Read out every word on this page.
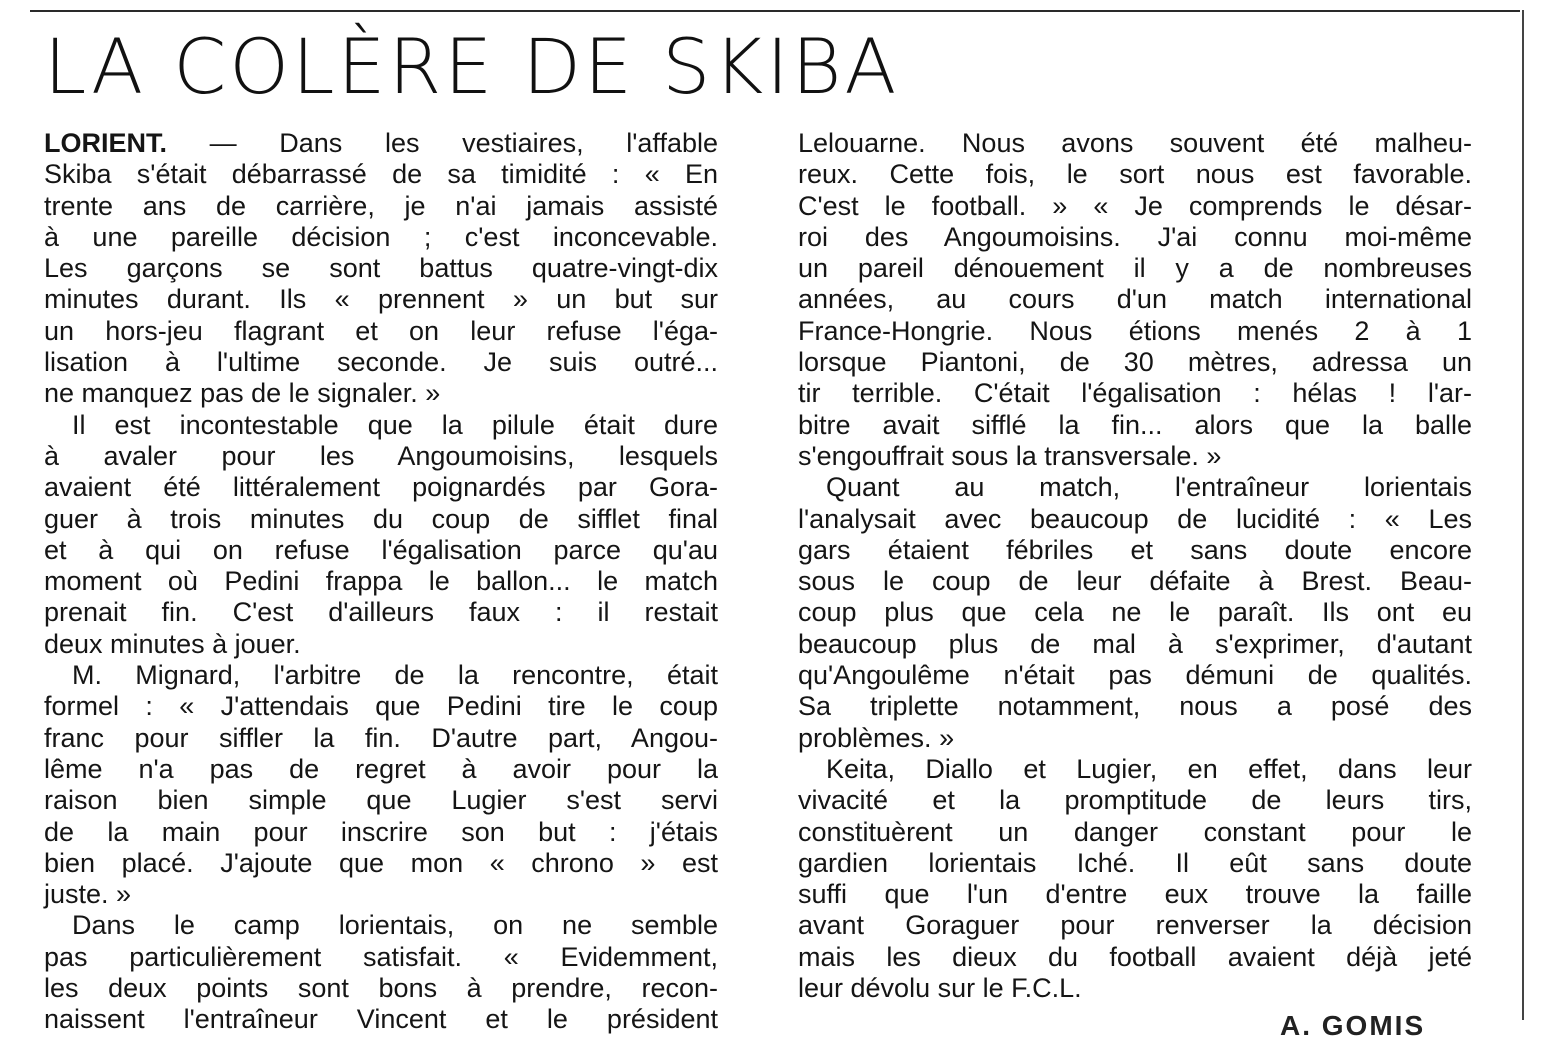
LA COLÈRE DE SKIBA
LORIENT. — Dans les vestiaires, l'affable
Skiba s'était débarrassé de sa timidité : « En
trente ans de carrière, je n'ai jamais assisté
à une pareille décision ; c'est inconcevable.
Les garçons se sont battus quatre-vingt-dix
minutes durant. Ils « prennent » un but sur
un hors-jeu flagrant et on leur refuse l'éga-
lisation à l'ultime seconde. Je suis outré...
ne manquez pas de le signaler. »
Il est incontestable que la pilule était dure
à avaler pour les Angoumoisins, lesquels
avaient été littéralement poignardés par Gora-
guer à trois minutes du coup de sifflet final
et à qui on refuse l'égalisation parce qu'au
moment où Pedini frappa le ballon... le match
prenait fin. C'est d'ailleurs faux : il restait
deux minutes à jouer.
M. Mignard, l'arbitre de la rencontre, était
formel : « J'attendais que Pedini tire le coup
franc pour siffler la fin. D'autre part, Angou-
lême n'a pas de regret à avoir pour la
raison bien simple que Lugier s'est servi
de la main pour inscrire son but : j'étais
bien placé. J'ajoute que mon « chrono » est
juste. »
Dans le camp lorientais, on ne semble
pas particulièrement satisfait. « Evidemment,
les deux points sont bons à prendre, recon-
naissent l'entraîneur Vincent et le président
Lelouarne. Nous avons souvent été malheu-
reux. Cette fois, le sort nous est favorable.
C'est le football. » « Je comprends le désar-
roi des Angoumoisins. J'ai connu moi-même
un pareil dénouement il y a de nombreuses
années, au cours d'un match international
France-Hongrie. Nous étions menés 2 à 1
lorsque Piantoni, de 30 mètres, adressa un
tir terrible. C'était l'égalisation : hélas ! l'ar-
bitre avait sifflé la fin... alors que la balle
s'engouffrait sous la transversale. »
Quant au match, l'entraîneur lorientais
l'analysait avec beaucoup de lucidité : « Les
gars étaient fébriles et sans doute encore
sous le coup de leur défaite à Brest. Beau-
coup plus que cela ne le paraît. Ils ont eu
beaucoup plus de mal à s'exprimer, d'autant
qu'Angoulême n'était pas démuni de qualités.
Sa triplette notamment, nous a posé des
problèmes. »
Keita, Diallo et Lugier, en effet, dans leur
vivacité et la promptitude de leurs tirs,
constituèrent un danger constant pour le
gardien lorientais Iché. Il eût sans doute
suffi que l'un d'entre eux trouve la faille
avant Goraguer pour renverser la décision
mais les dieux du football avaient déjà jeté
leur dévolu sur le F.C.L.
A. GOMIS
